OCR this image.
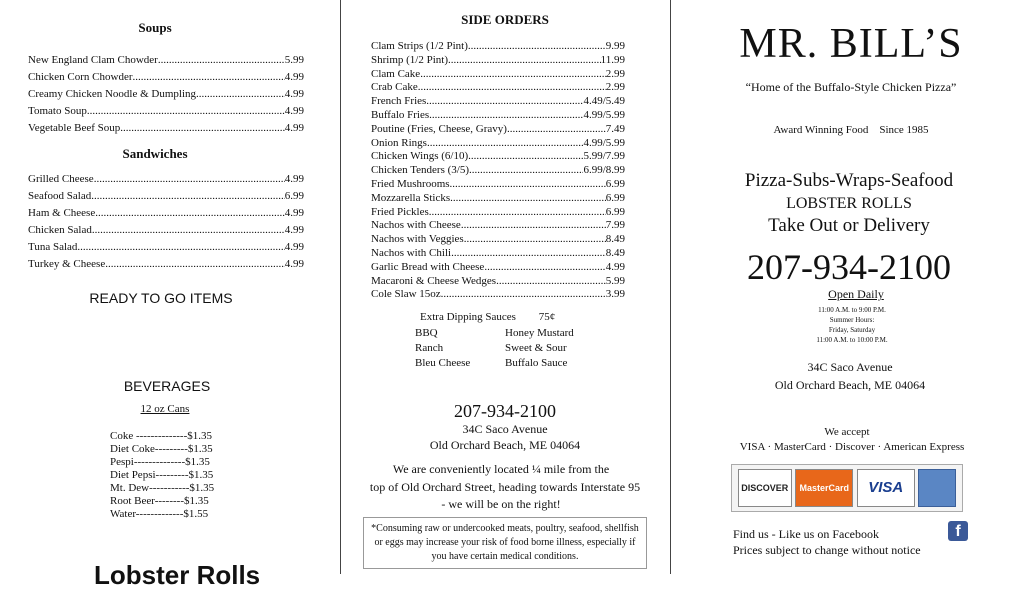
Soups
New England Clam Chowder .....	5.99
Chicken Corn Chowder .....	4.99
Creamy Chicken Noodle & Dumpling .....	4.99
Tomato Soup .....	4.99
Vegetable Beef Soup .....	4.99
Sandwiches
Grilled Cheese .....	4.99
Seafood Salad .....	6.99
Ham & Cheese .....	4.99
Chicken Salad .....	4.99
Tuna Salad .....	4.99
Turkey & Cheese .....	4.99
READY TO GO ITEMS
BEVERAGES
12 oz Cans
Coke --------------$1.35
Diet Coke---------$1.35
Pespi--------------$1.35
Diet Pepsi---------$1.35
Mt. Dew-----------$1.35
Root Beer--------$1.35
Water-------------$1.55
Lobster Rolls
SIDE ORDERS
Clam Strips (1/2 Pint) .....	9.99
Shrimp (1/2 Pint) .....	11.99
Clam Cake .....	2.99
Crab Cake .....	2.99
French Fries .....	4.49/5.49
Buffalo Fries .....	4.99/5.99
Poutine (Fries, Cheese, Gravy) .....	7.49
Onion Rings .....	4.99/5.99
Chicken Wings (6/10) .....	5.99/7.99
Chicken Tenders (3/5) .....	6.99/8.99
Fried Mushrooms .....	6.99
Mozzarella Sticks .....	6.99
Fried Pickles .....	6.99
Nachos with Cheese .....	7.99
Nachos with Veggies .....	8.49
Nachos with Chili .....	8.49
Garlic Bread with Cheese .....	4.99
Macaroni & Cheese Wedges .....	5.99
Cole Slaw 15oz .....	3.99
Extra Dipping Sauces 75¢
BBQ	Honey Mustard
Ranch	Sweet & Sour
Bleu Cheese	Buffalo Sauce
207-934-2100
34C Saco Avenue
Old Orchard Beach, ME 04064
We are conveniently located ¼ mile from the
top of Old Orchard Street, heading towards Interstate 95
- we will be on the right!
*Consuming raw or undercooked meats, poultry, seafood, shellfish or eggs may increase your risk of food borne illness, especially if you have certain medical conditions.
MR. BILL’S
“Home of the Buffalo-Style Chicken Pizza”
Award Winning Food    Since 1985
Pizza-Subs-Wraps-Seafood
LOBSTER ROLLS
Take Out or Delivery
207-934-2100
Open Daily
11:00 A.M. to 9:00 P.M.
Summer Hours:
Friday, Saturday
11:00 A.M. to 10:00 P.M.
34C Saco Avenue
Old Orchard Beach, ME 04064
We accept
VISA · MasterCard · Discover · American Express
DISCOVER	MasterCard	VISA
Find us - Like us on Facebook
Prices subject to change without notice
f
